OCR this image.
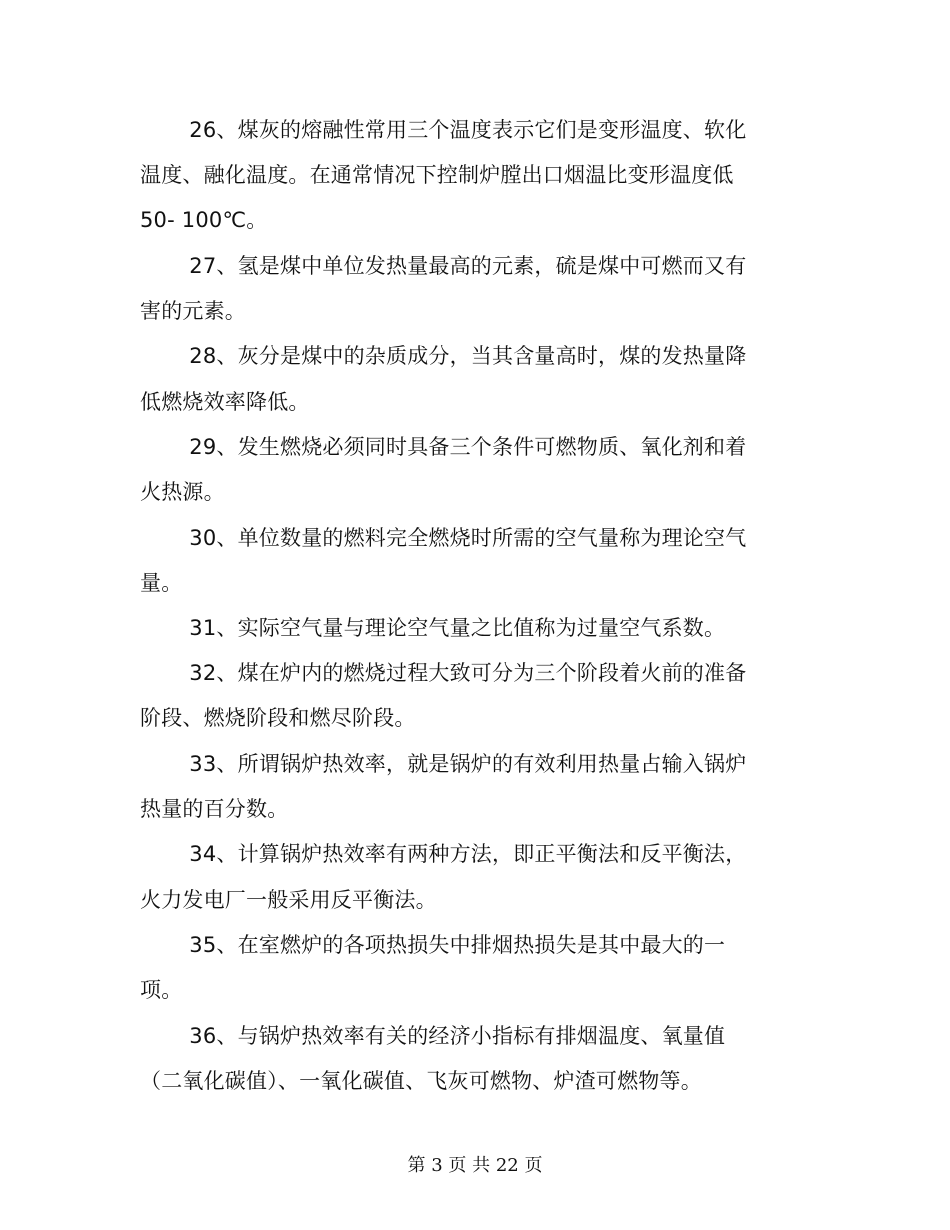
　　 26、煤灰的熔融性常用三个温度表示它们是变形温度、软化
温度、融化温度。在通常情况下控制炉膛出口烟温比变形温度低
50- 100℃。
　　 27、氢是煤中单位发热量最高的元素，硫是煤中可燃而又有
害的元素。
　　 28、灰分是煤中的杂质成分，当其含量高时，煤的发热量降
低燃烧效率降低。
　　 29、发生燃烧必须同时具备三个条件可燃物质、氧化剂和着
火热源。
　　 30、单位数量的燃料完全燃烧时所需的空气量称为理论空气
量。
　　 31、实际空气量与理论空气量之比值称为过量空气系数。
　　 32、煤在炉内的燃烧过程大致可分为三个阶段着火前的准备
阶段、燃烧阶段和燃尽阶段。
　　 33、所谓锅炉热效率，就是锅炉的有效利用热量占输入锅炉
热量的百分数。
　　 34、计算锅炉热效率有两种方法，即正平衡法和反平衡法，
火力发电厂一般采用反平衡法。
　　 35、在室燃炉的各项热损失中排烟热损失是其中最大的一
项。
　　 36、与锅炉热效率有关的经济小指标有排烟温度、氧量值
（二氧化碳值）、一氧化碳值、飞灰可燃物、炉渣可燃物等。
第 3 页 共 22 页
